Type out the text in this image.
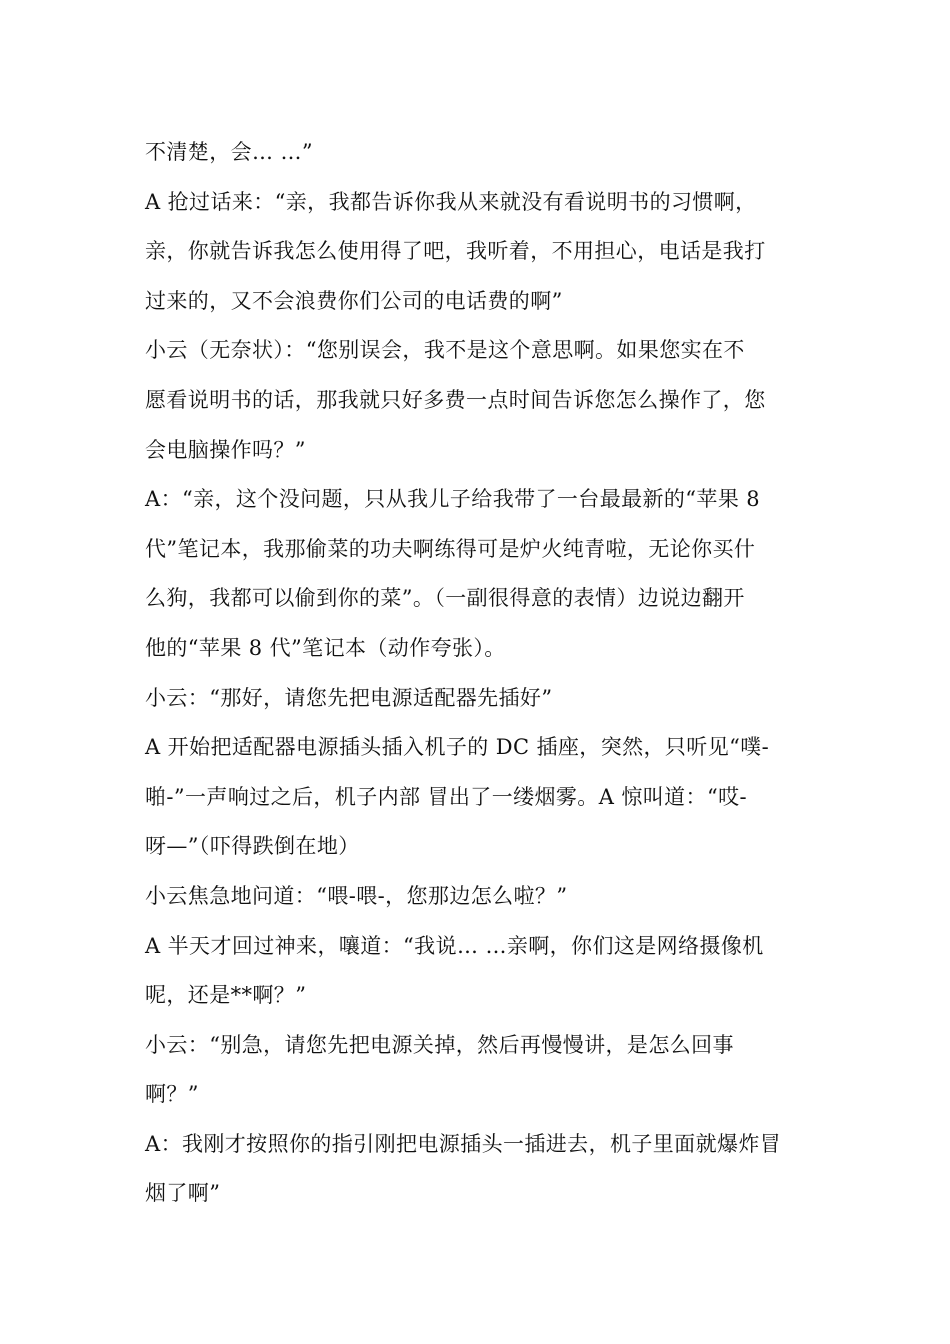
不清楚，会… …”
A 抢过话来：“亲，我都告诉你我从来就没有看说明书的习惯啊，
亲，你就告诉我怎么使用得了吧，我听着，不用担心，电话是我打
过来的，又不会浪费你们公司的电话费的啊”
小云（无奈状）：“您别误会，我不是这个意思啊。如果您实在不
愿看说明书的话，那我就只好多费一点时间告诉您怎么操作了，您
会电脑操作吗？”
A：“亲，这个没问题，只从我儿子给我带了一台最最新的“苹果 8
代”笔记本，我那偷菜的功夫啊练得可是炉火纯青啦，无论你买什
么狗，我都可以偷到你的菜”。（一副很得意的表情）边说边翻开
他的“苹果 8 代”笔记本（动作夸张）。
小云：“那好，请您先把电源适配器先插好”
A 开始把适配器电源插头插入机子的 DC 插座，突然，只听见“噗-
啪-”一声响过之后，机子内部 冒出了一缕烟雾。A 惊叫道：“哎-
呀—”（吓得跌倒在地）
小云焦急地问道：“喂-喂-，您那边怎么啦？”
A 半天才回过神来，嚷道：“我说… …亲啊，你们这是网络摄像机
呢，还是**啊？”
小云：“别急，请您先把电源关掉，然后再慢慢讲，是怎么回事
啊？”
A：我刚才按照你的指引刚把电源插头一插进去，机子里面就爆炸冒
烟了啊”
